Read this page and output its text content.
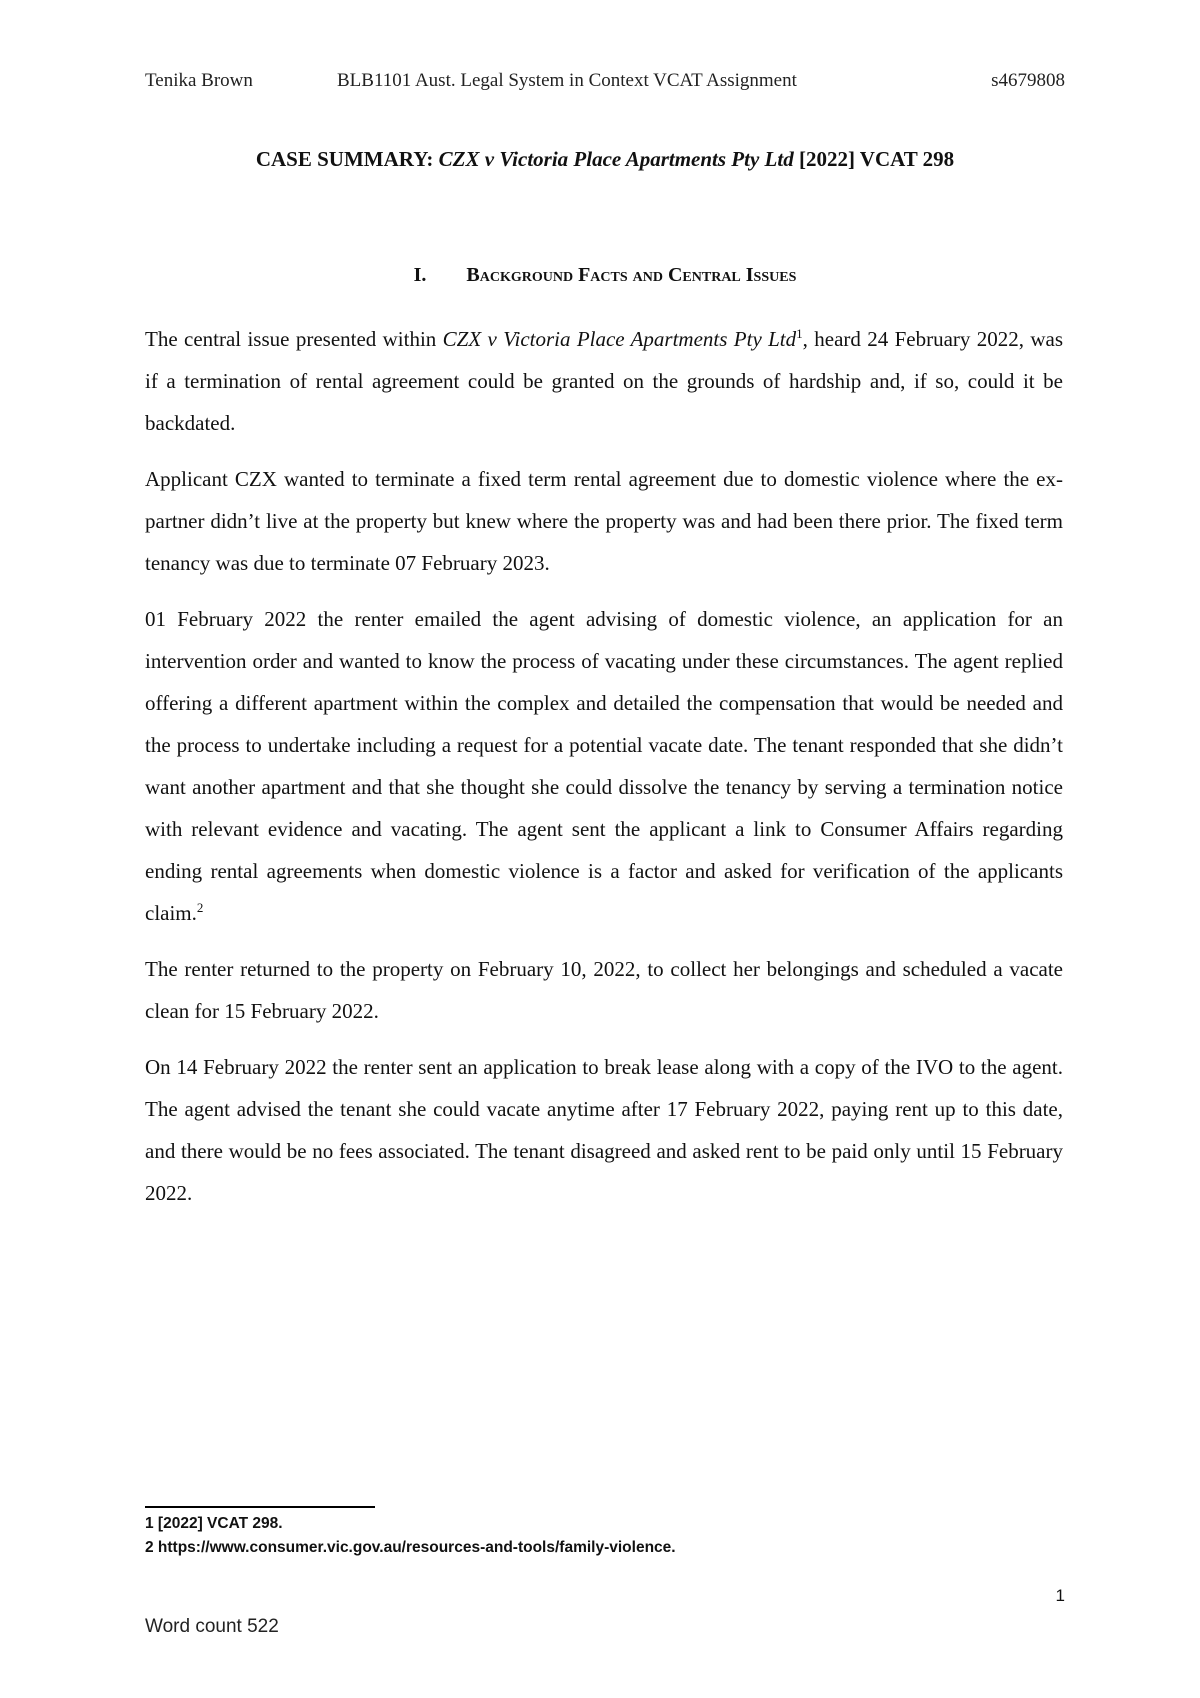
Tenika Brown	BLB1101 Aust. Legal System in Context VCAT Assignment	s4679808
CASE SUMMARY: CZX v Victoria Place Apartments Pty Ltd [2022] VCAT 298
I. Background Facts and Central Issues

The central issue presented within CZX v Victoria Place Apartments Pty Ltd$^1$, heard 24 February 2022, was if a termination of rental agreement could be granted on the grounds of hardship and, if so, could it be backdated.

Applicant CZX wanted to terminate a fixed term rental agreement due to domestic violence where the ex-partner didn’t live at the property but knew where the property was and had been there prior. The fixed term tenancy was due to terminate 07 February 2023.

01 February 2022 the renter emailed the agent advising of domestic violence, an application for an intervention order and wanted to know the process of vacating under these circumstances. The agent replied offering a different apartment within the complex and detailed the compensation that would be needed and the process to undertake including a request for a potential vacate date. The tenant responded that she didn’t want another apartment and that she thought she could dissolve the tenancy by serving a termination notice with relevant evidence and vacating. The agent sent the applicant a link to Consumer Affairs regarding ending rental agreements when domestic violence is a factor and asked for verification of the applicants claim.$^2$

The renter returned to the property on February 10, 2022, to collect her belongings and scheduled a vacate clean for 15 February 2022.

On 14 February 2022 the renter sent an application to break lease along with a copy of the IVO to the agent. The agent advised the tenant she could vacate anytime after 17 February 2022, paying rent up to this date, and there would be no fees associated. The tenant disagreed and asked rent to be paid only until 15 February 2022.

1 [2022] VCAT 298.
2 https://www.consumer.vic.gov.au/resources-and-tools/family-violence.
1
Word count 522
